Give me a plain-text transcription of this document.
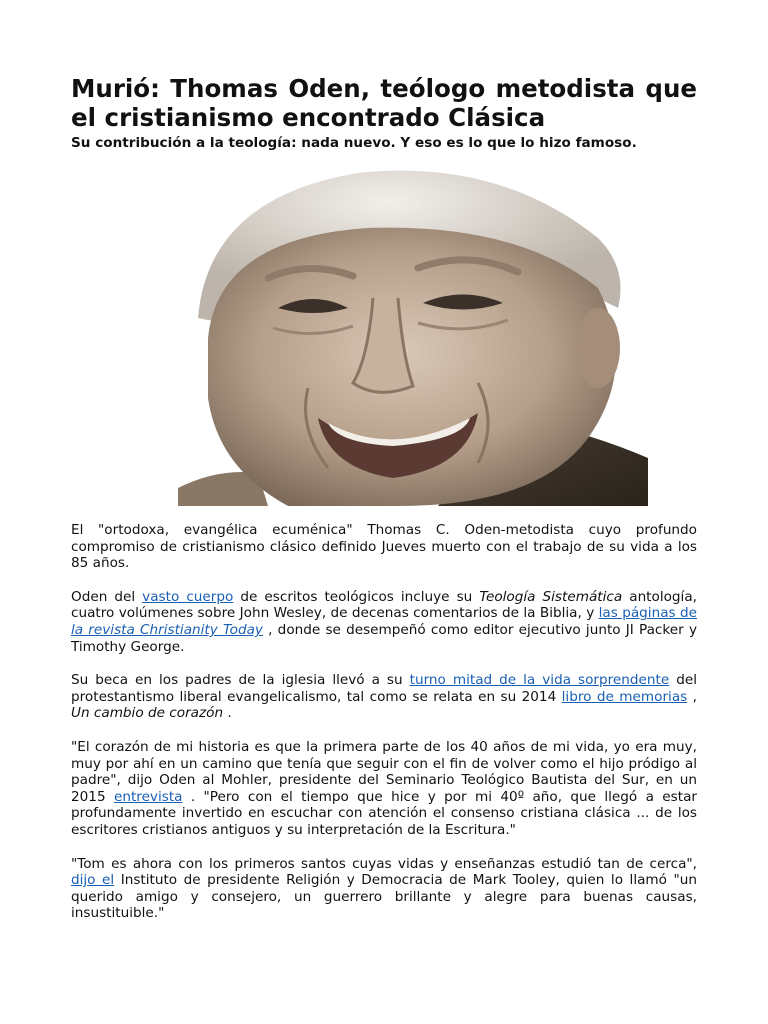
Murió: Thomas Oden, teólogo metodista que el cristianismo encontrado Clásica
Su contribución a la teología: nada nuevo. Y eso es lo que lo hizo famoso.

El "ortodoxa, evangélica ecuménica" Thomas C. Oden-metodista cuyo profundo compromiso de cristianismo clásico definido Jueves muerto con el trabajo de su vida a los 85 años.

Oden del vasto cuerpo de escritos teológicos incluye su Teología Sistemática antología, cuatro volúmenes sobre John Wesley, de decenas comentarios de la Biblia, y las páginas de la revista Christianity Today , donde se desempeñó como editor ejecutivo junto JI Packer y Timothy George.

Su beca en los padres de la iglesia llevó a su turno mitad de la vida sorprendente del protestantismo liberal evangelicalismo, tal como se relata en su 2014 libro de memorias , Un cambio de corazón .

"El corazón de mi historia es que la primera parte de los 40 años de mi vida, yo era muy, muy por ahí en un camino que tenía que seguir con el fin de volver como el hijo pródigo al padre", dijo Oden al Mohler, presidente del Seminario Teológico Bautista del Sur, en un 2015 entrevista . "Pero con el tiempo que hice y por mi 40º año, que llegó a estar profundamente invertido en escuchar con atención el consenso cristiana clásica ... de los escritores cristianos antiguos y su interpretación de la Escritura."

"Tom es ahora con los primeros santos cuyas vidas y enseñanzas estudió tan de cerca", dijo el Instituto de presidente Religión y Democracia de Mark Tooley, quien lo llamó "un querido amigo y consejero, un guerrero brillante y alegre para buenas causas, insustituible."
